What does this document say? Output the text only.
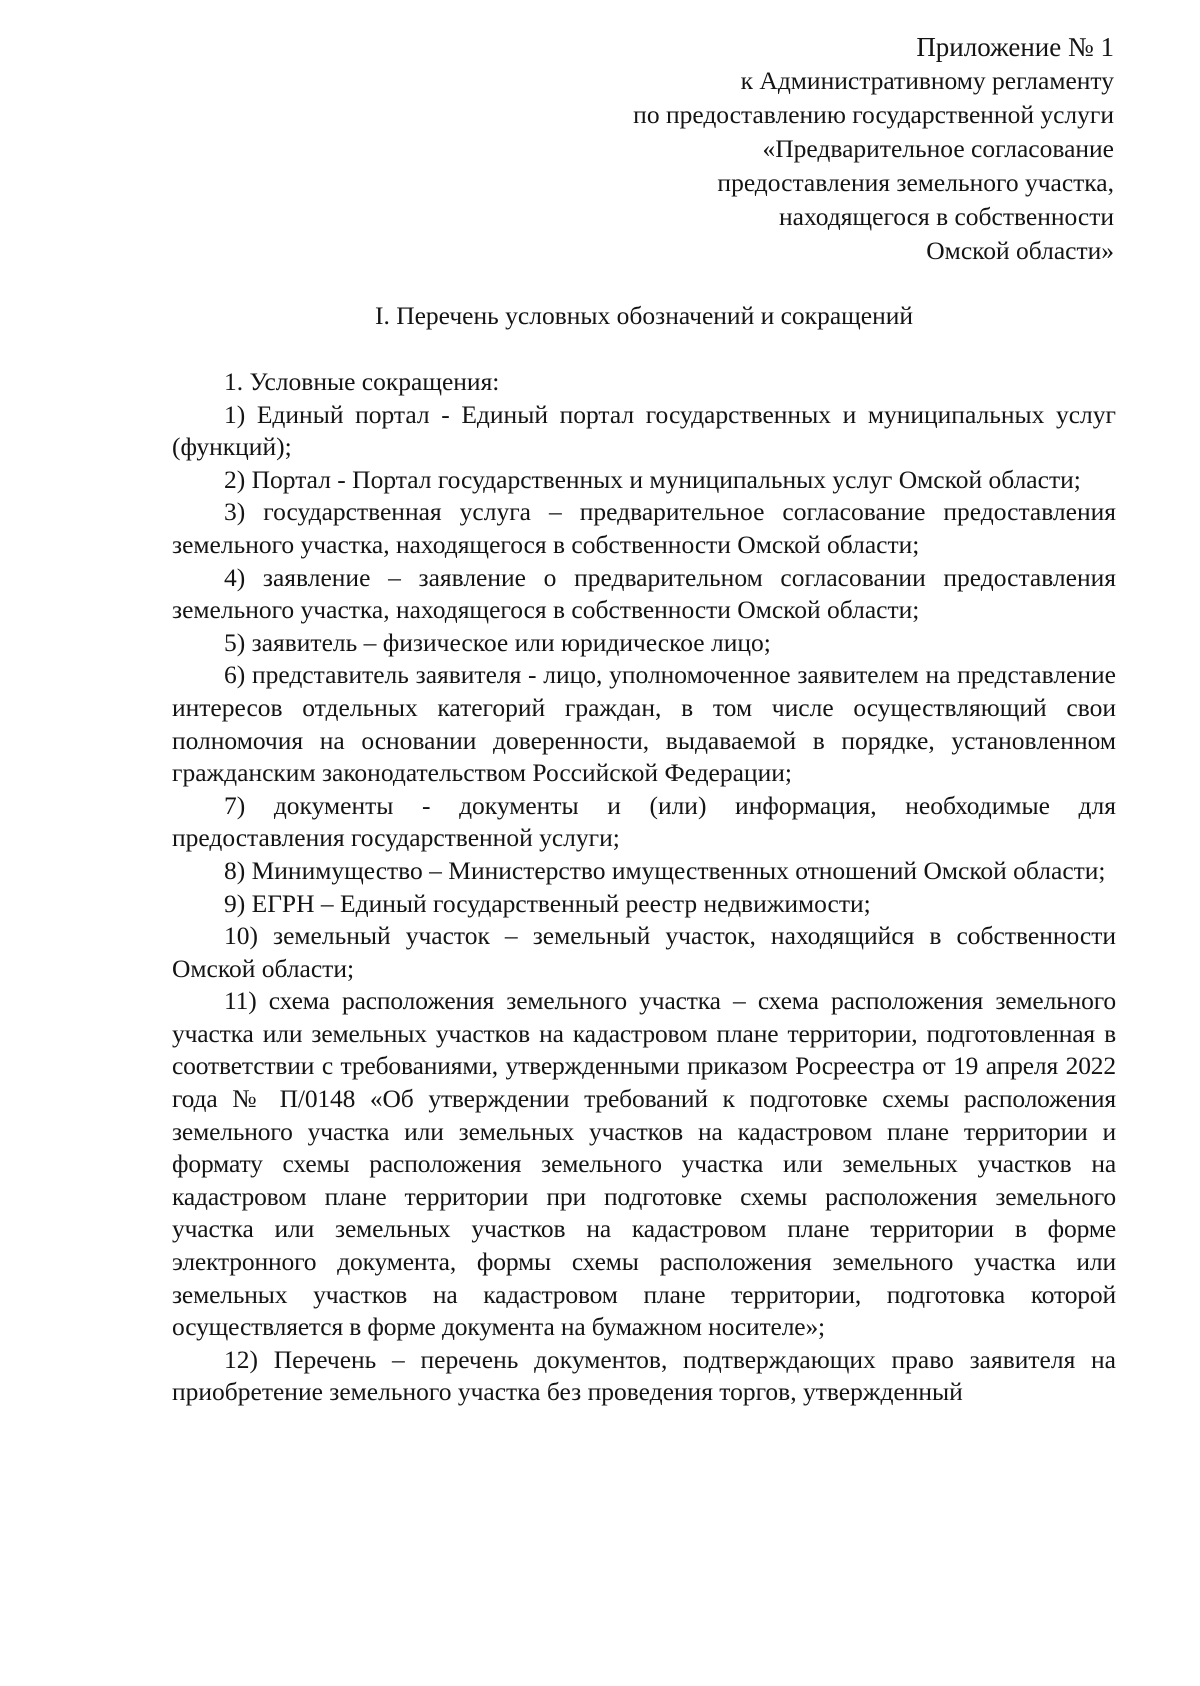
Приложение № 1
к Административному регламенту
по предоставлению государственной услуги
«Предварительное согласование
предоставления земельного участка,
находящегося в собственности
Омской области»
I. Перечень условных обозначений и сокращений

1. Условные сокращения:

1) Единый портал - Единый портал государственных и муниципальных услуг (функций);

2) Портал - Портал государственных и муниципальных услуг Омской области;

3) государственная услуга – предварительное согласование предоставления земельного участка, находящегося в собственности Омской области;

4) заявление – заявление о предварительном согласовании предоставления земельного участка, находящегося в собственности Омской области;

5) заявитель – физическое или юридическое лицо;

6) представитель заявителя - лицо, уполномоченное заявителем на представление интересов отдельных категорий граждан, в том числе осуществляющий свои полномочия на основании доверенности, выдаваемой в порядке, установленном гражданским законодательством Российской Федерации;

7) документы - документы и (или) информация, необходимые для предоставления государственной услуги;

8) Минимущество – Министерство имущественных отношений Омской области;

9) ЕГРН – Единый государственный реестр недвижимости;

10) земельный участок – земельный участок, находящийся в собственности Омской области;

11) схема расположения земельного участка – схема расположения земельного участка или земельных участков на кадастровом плане территории, подготовленная в соответствии с требованиями, утвержденными приказом Росреестра от 19 апреля 2022 года № П/0148 «Об утверждении требований к подготовке схемы расположения земельного участка или земельных участков на кадастровом плане территории и формату схемы расположения земельного участка или земельных участков на кадастровом плане территории при подготовке схемы расположения земельного участка или земельных участков на кадастровом плане территории в форме электронного документа, формы схемы расположения земельного участка или земельных участков на кадастровом плане территории, подготовка которой осуществляется в форме документа на бумажном носителе»;

12) Перечень – перечень документов, подтверждающих право заявителя на приобретение земельного участка без проведения торгов, утвержденный
